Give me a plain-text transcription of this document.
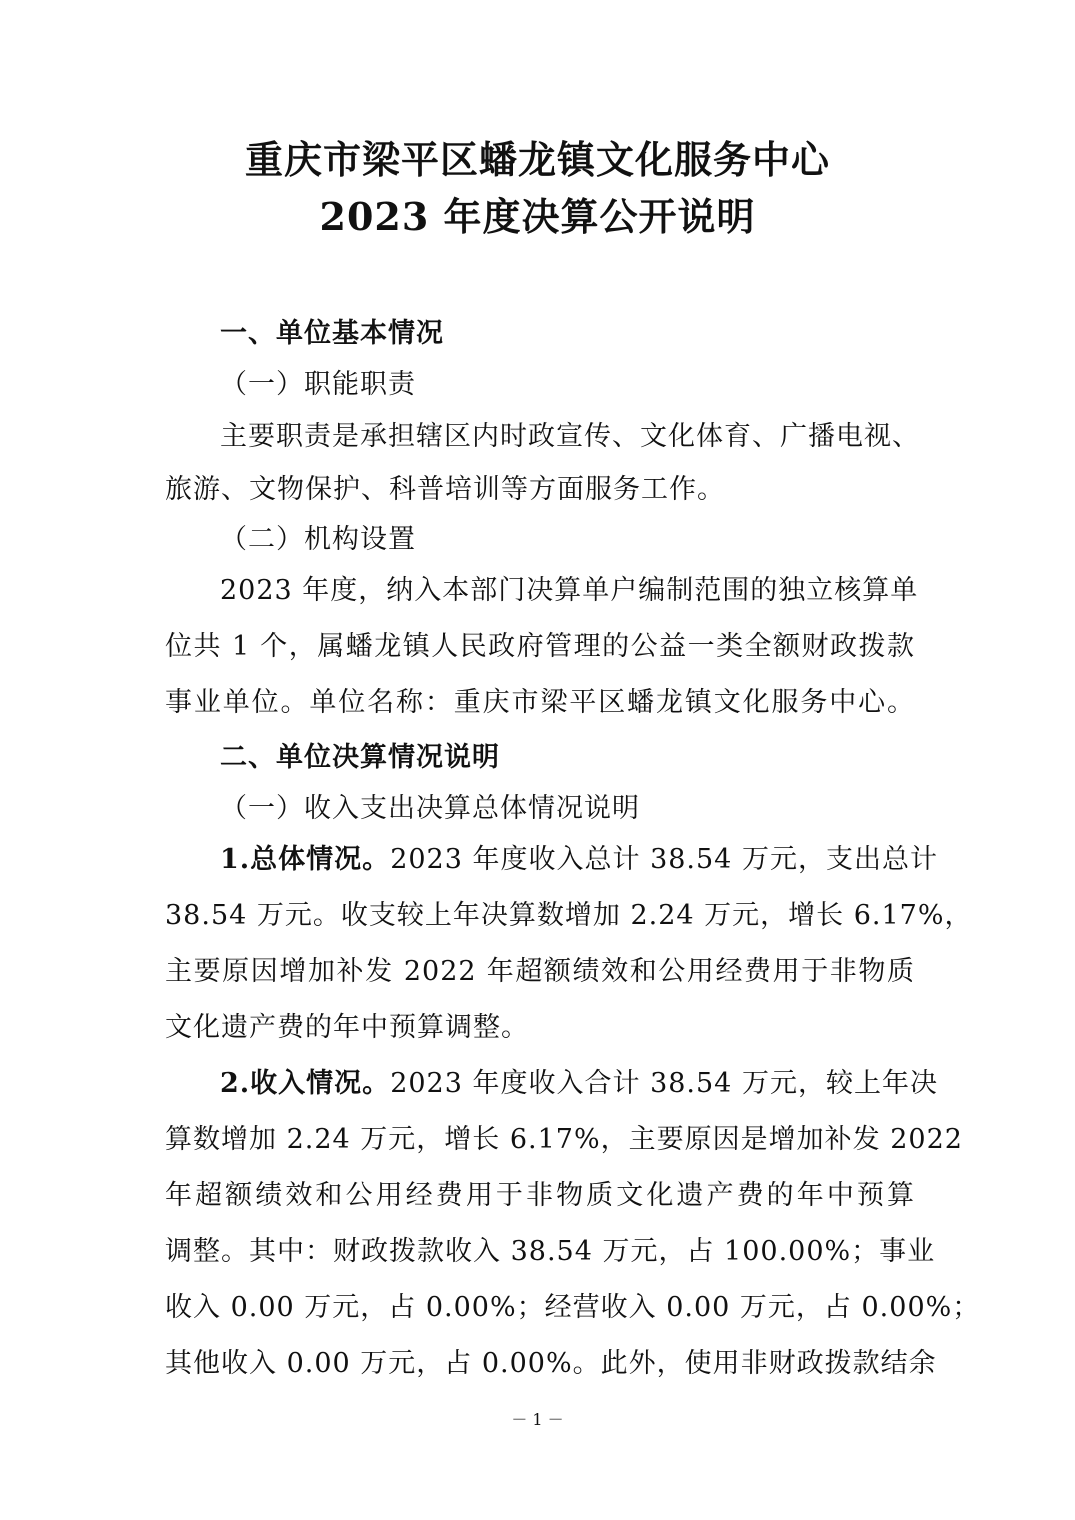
重庆市梁平区蟠龙镇文化服务中心
2023 年度决算公开说明
一、单位基本情况
（一）职能职责
主要职责是承担辖区内时政宣传、文化体育、广播电视、
旅游、文物保护、科普培训等方面服务工作。
（二）机构设置
2023 年度，纳入本部门决算单户编制范围的独立核算单
位共 1 个，属蟠龙镇人民政府管理的公益一类全额财政拨款
事业单位。单位名称：重庆市梁平区蟠龙镇文化服务中心。
二、单位决算情况说明
（一）收入支出决算总体情况说明
1.总体情况。2023 年度收入总计 38.54 万元，支出总计
38.54 万元。收支较上年决算数增加 2.24 万元，增长 6.17%，
主要原因增加补发 2022 年超额绩效和公用经费用于非物质
文化遗产费的年中预算调整。
2.收入情况。2023 年度收入合计 38.54 万元，较上年决
算数增加 2.24 万元，增长 6.17%，主要原因是增加补发 2022
年超额绩效和公用经费用于非物质文化遗产费的年中预算
调整。其中：财政拨款收入 38.54 万元，占 100.00%；事业
收入 0.00 万元，占 0.00%；经营收入 0.00 万元，占 0.00%；
其他收入 0.00 万元，占 0.00%。此外，使用非财政拨款结余
－ 1 －
